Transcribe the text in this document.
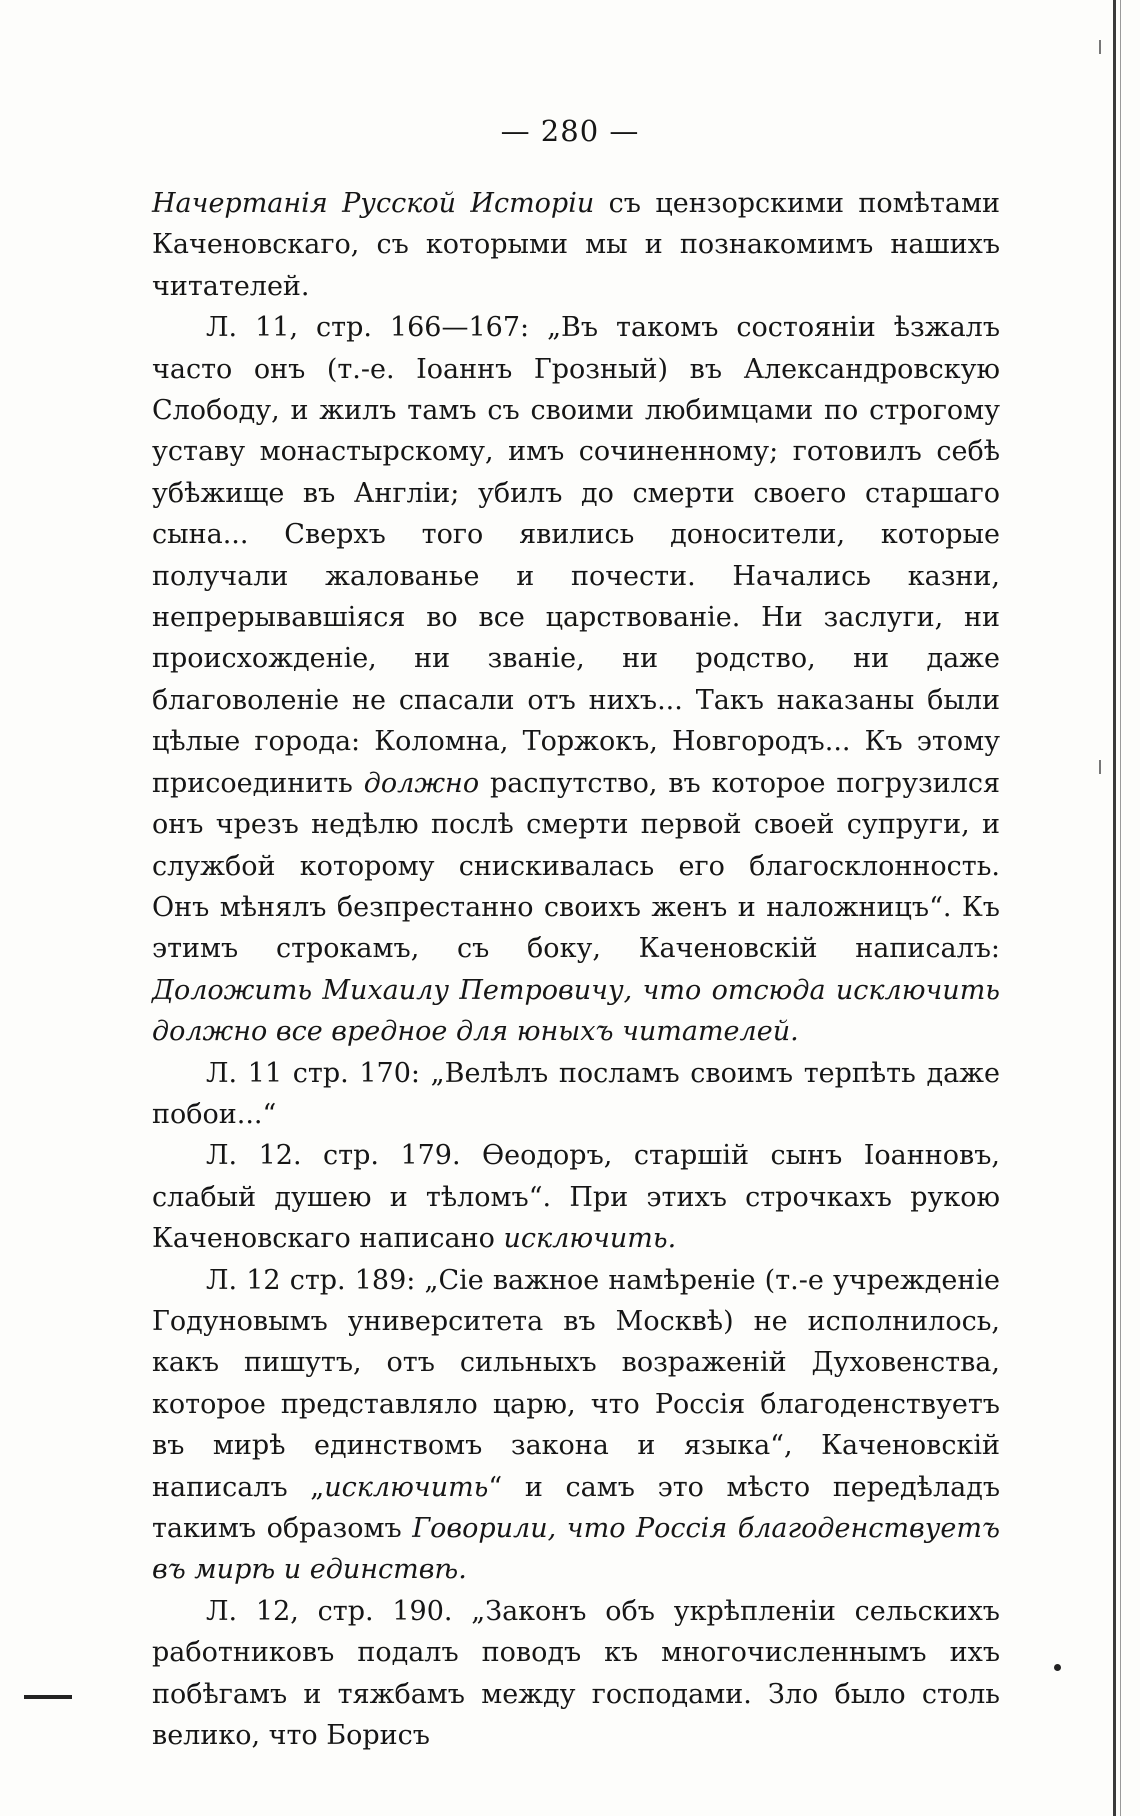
— 280 —

Начертанія Русской Исторіи съ цензорскими помѣтами Каченовскаго, съ которыми мы и познакомимъ нашихъ читателей.

Л. 11, стр. 166—167: „Въ такомъ состояніи ѣзжалъ часто онъ (т.-е. Іоаннъ Грозный) въ Александровскую Слободу, и жилъ тамъ съ своими любимцами по строгому уставу монастырскому, имъ сочиненному; готовилъ себѣ убѣжище въ Англіи; убилъ до смерти своего старшаго сына... Сверхъ того явились доносители, которые получали жалованье и почести. Начались казни, непрерывавшіяся во все царствованіе. Ни заслуги, ни происхожденіе, ни званіе, ни родство, ни даже благоволеніе не спасали отъ нихъ... Такъ наказаны были цѣлые города: Коломна, Торжокъ, Новгородъ... Къ этому присоединить должно распутство, въ которое погрузился онъ чрезъ недѣлю послѣ смерти первой своей супруги, и службой которому снискивалась его благосклонность. Онъ мѣнялъ безпрестанно своихъ женъ и наложницъ“. Къ этимъ строкамъ, съ боку, Каченовскій написалъ: Доложить Михаилу Петровичу, что отсюда исключить должно все вредное для юныхъ читателей.

Л. 11 стр. 170: „Велѣлъ посламъ своимъ терпѣть даже побои...“

Л. 12. стр. 179. Ѳеодоръ, старшій сынъ Іоанновъ, слабый душею и тѣломъ“. При этихъ строчкахъ рукою Каченовскаго написано исключить.

Л. 12 стр. 189: „Сіе важное намѣреніе (т.-е учрежденіе Годуновымъ университета въ Москвѣ) не исполнилось, какъ пишутъ, отъ сильныхъ возраженій Духовенства, которое представляло царю, что Россія благоденствуетъ въ мирѣ единствомъ закона и языка“, Каченовскій написалъ „исключить“ и самъ это мѣсто передѣладъ такимъ образомъ Говорили, что Россія благоденствуетъ въ мирѣ и единствѣ.

Л. 12, стр. 190. „Законъ объ укрѣпленіи сельскихъ работниковъ подалъ поводъ къ многочисленнымъ ихъ побѣгамъ и тяжбамъ между господами. Зло было столь велико, что Борисъ
